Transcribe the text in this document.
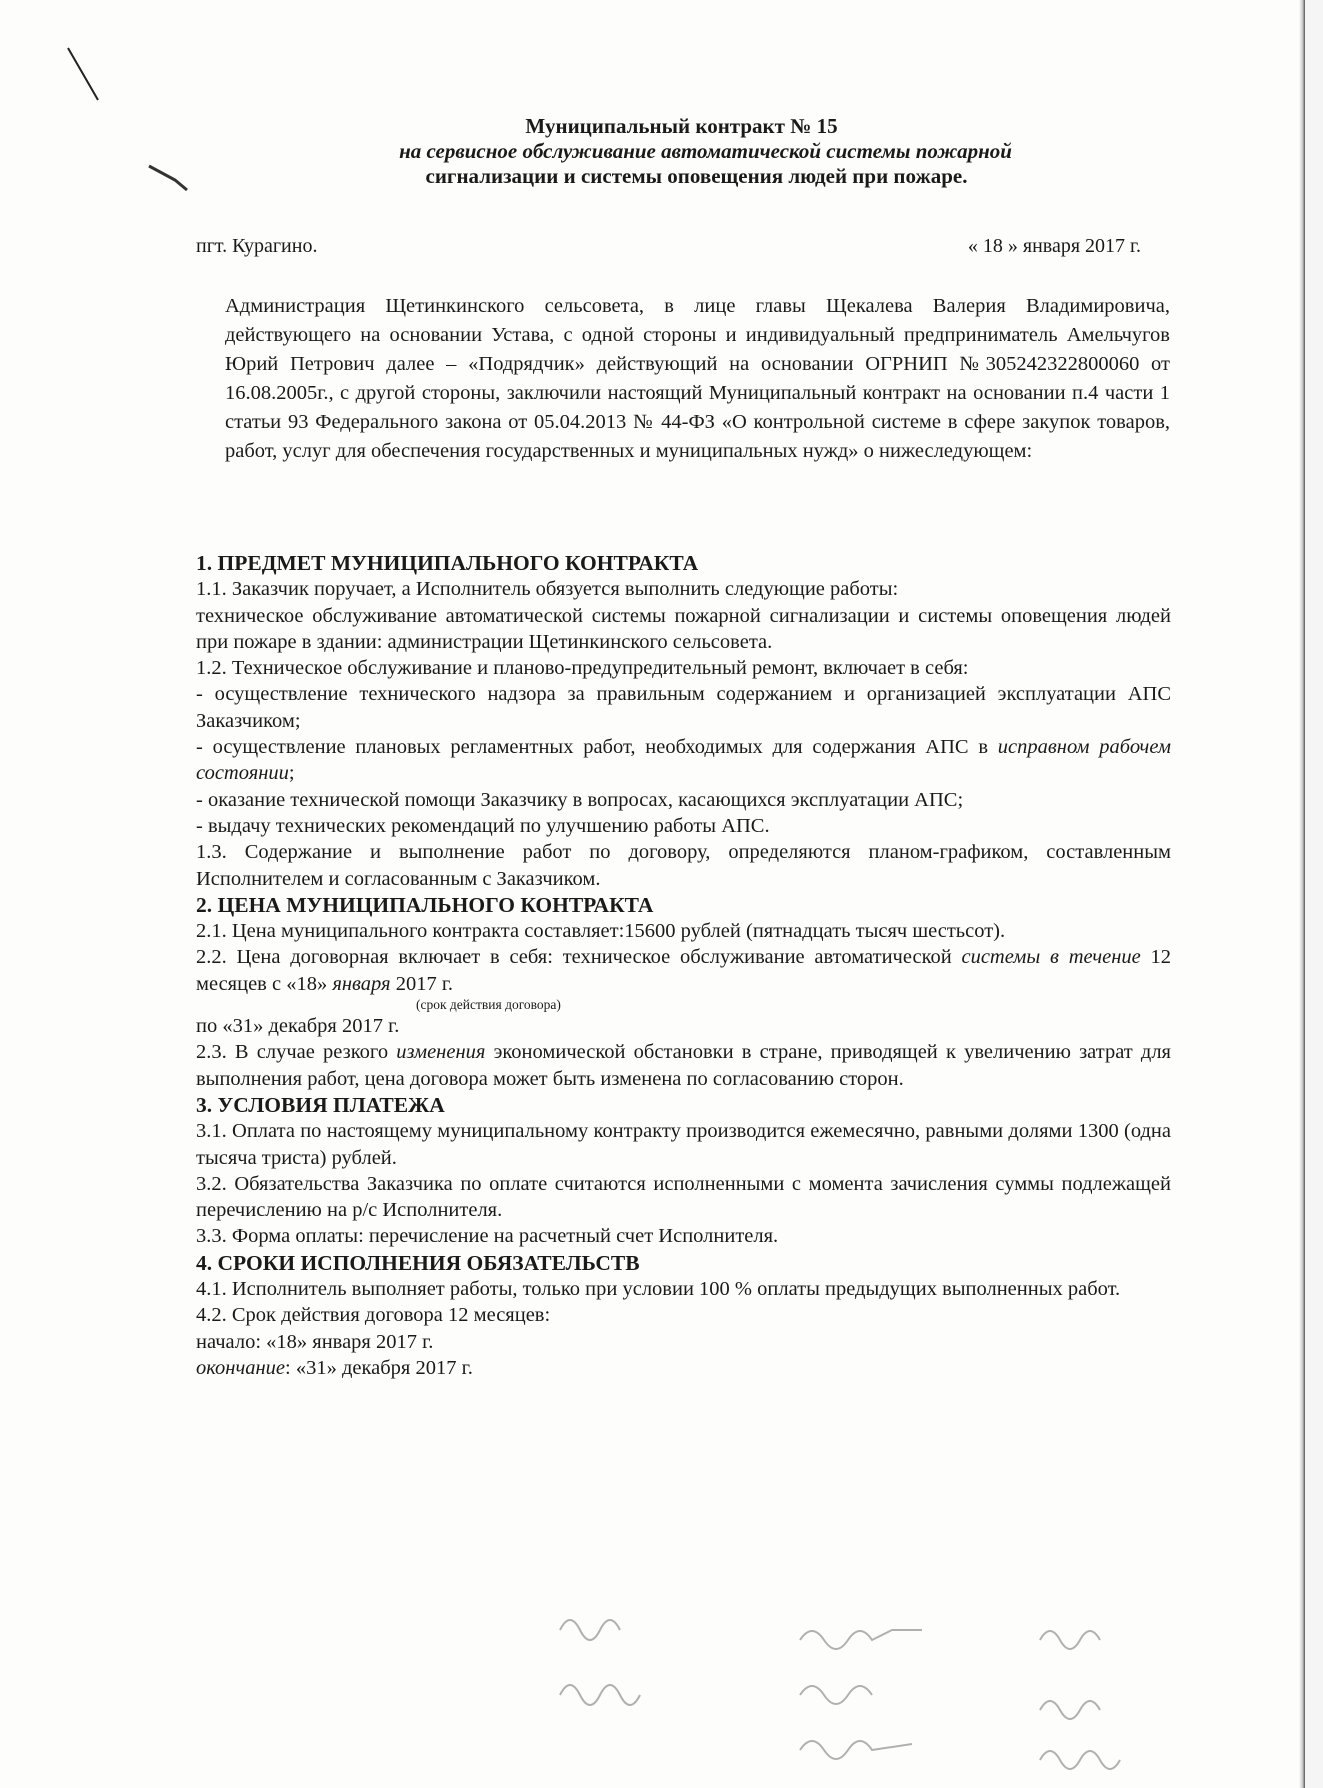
Муниципальный контракт № 15
на сервисное обслуживание автоматической системы пожарной
сигнализации и системы оповещения людей при пожаре.
пгт. Курагино.	« 18 » января 2017 г.
Администрация Щетинкинского сельсовета, в лице главы Щекалева Валерия Владимировича, действующего на основании Устава, с одной стороны и индивидуальный предприниматель Амельчугов Юрий Петрович далее – «Подрядчик» действующий на основании ОГРНИП №305242322800060 от 16.08.2005г., с другой стороны, заключили настоящий Муниципальный контракт на основании п.4 части 1 статьи 93 Федерального закона от 05.04.2013 № 44-ФЗ «О контрольной системе в сфере закупок товаров, работ, услуг для обеспечения государственных и муниципальных нужд» о нижеследующем:

1. ПРЕДМЕТ МУНИЦИПАЛЬНОГО КОНТРАКТА

1.1. Заказчик поручает, а Исполнитель обязуется выполнить следующие работы:

техническое обслуживание автоматической системы пожарной сигнализации и системы оповещения людей при пожаре в здании: администрации Щетинкинского сельсовета.

1.2. Техническое обслуживание и планово-предупредительный ремонт, включает в себя:

- осуществление технического надзора за правильным содержанием и организацией эксплуатации АПС Заказчиком;

- осуществление плановых регламентных работ, необходимых для содержания АПС в исправном рабочем состоянии;

- оказание технической помощи Заказчику в вопросах, касающихся эксплуатации АПС;

- выдачу технических рекомендаций по улучшению работы АПС.

1.3. Содержание и выполнение работ по договору, определяются планом-графиком, составленным Исполнителем и согласованным с Заказчиком.

2. ЦЕНА МУНИЦИПАЛЬНОГО КОНТРАКТА

2.1. Цена муниципального контракта составляет:15600 рублей (пятнадцать тысяч шестьсот).

2.2. Цена договорная включает в себя: техническое обслуживание автоматической системы в течение 12 месяцев с «18» января 2017 г.

(срок действия договора)

по «31» декабря 2017 г.

2.3. В случае резкого изменения экономической обстановки в стране, приводящей к увеличению затрат для выполнения работ, цена договора может быть изменена по согласованию сторон.

3. УСЛОВИЯ ПЛАТЕЖА

3.1. Оплата по настоящему муниципальному контракту производится ежемесячно, равными долями 1300 (одна тысяча триста) рублей.

3.2. Обязательства Заказчика по оплате считаются исполненными с момента зачисления суммы подлежащей перечислению на р/с Исполнителя.

3.3. Форма оплаты: перечисление на расчетный счет Исполнителя.

4. СРОКИ ИСПОЛНЕНИЯ ОБЯЗАТЕЛЬСТВ

4.1. Исполнитель выполняет работы, только при условии 100 % оплаты предыдущих выполненных работ.

4.2. Срок действия договора 12 месяцев:

начало: «18» января 2017 г.

окончание: «31» декабря 2017 г.
